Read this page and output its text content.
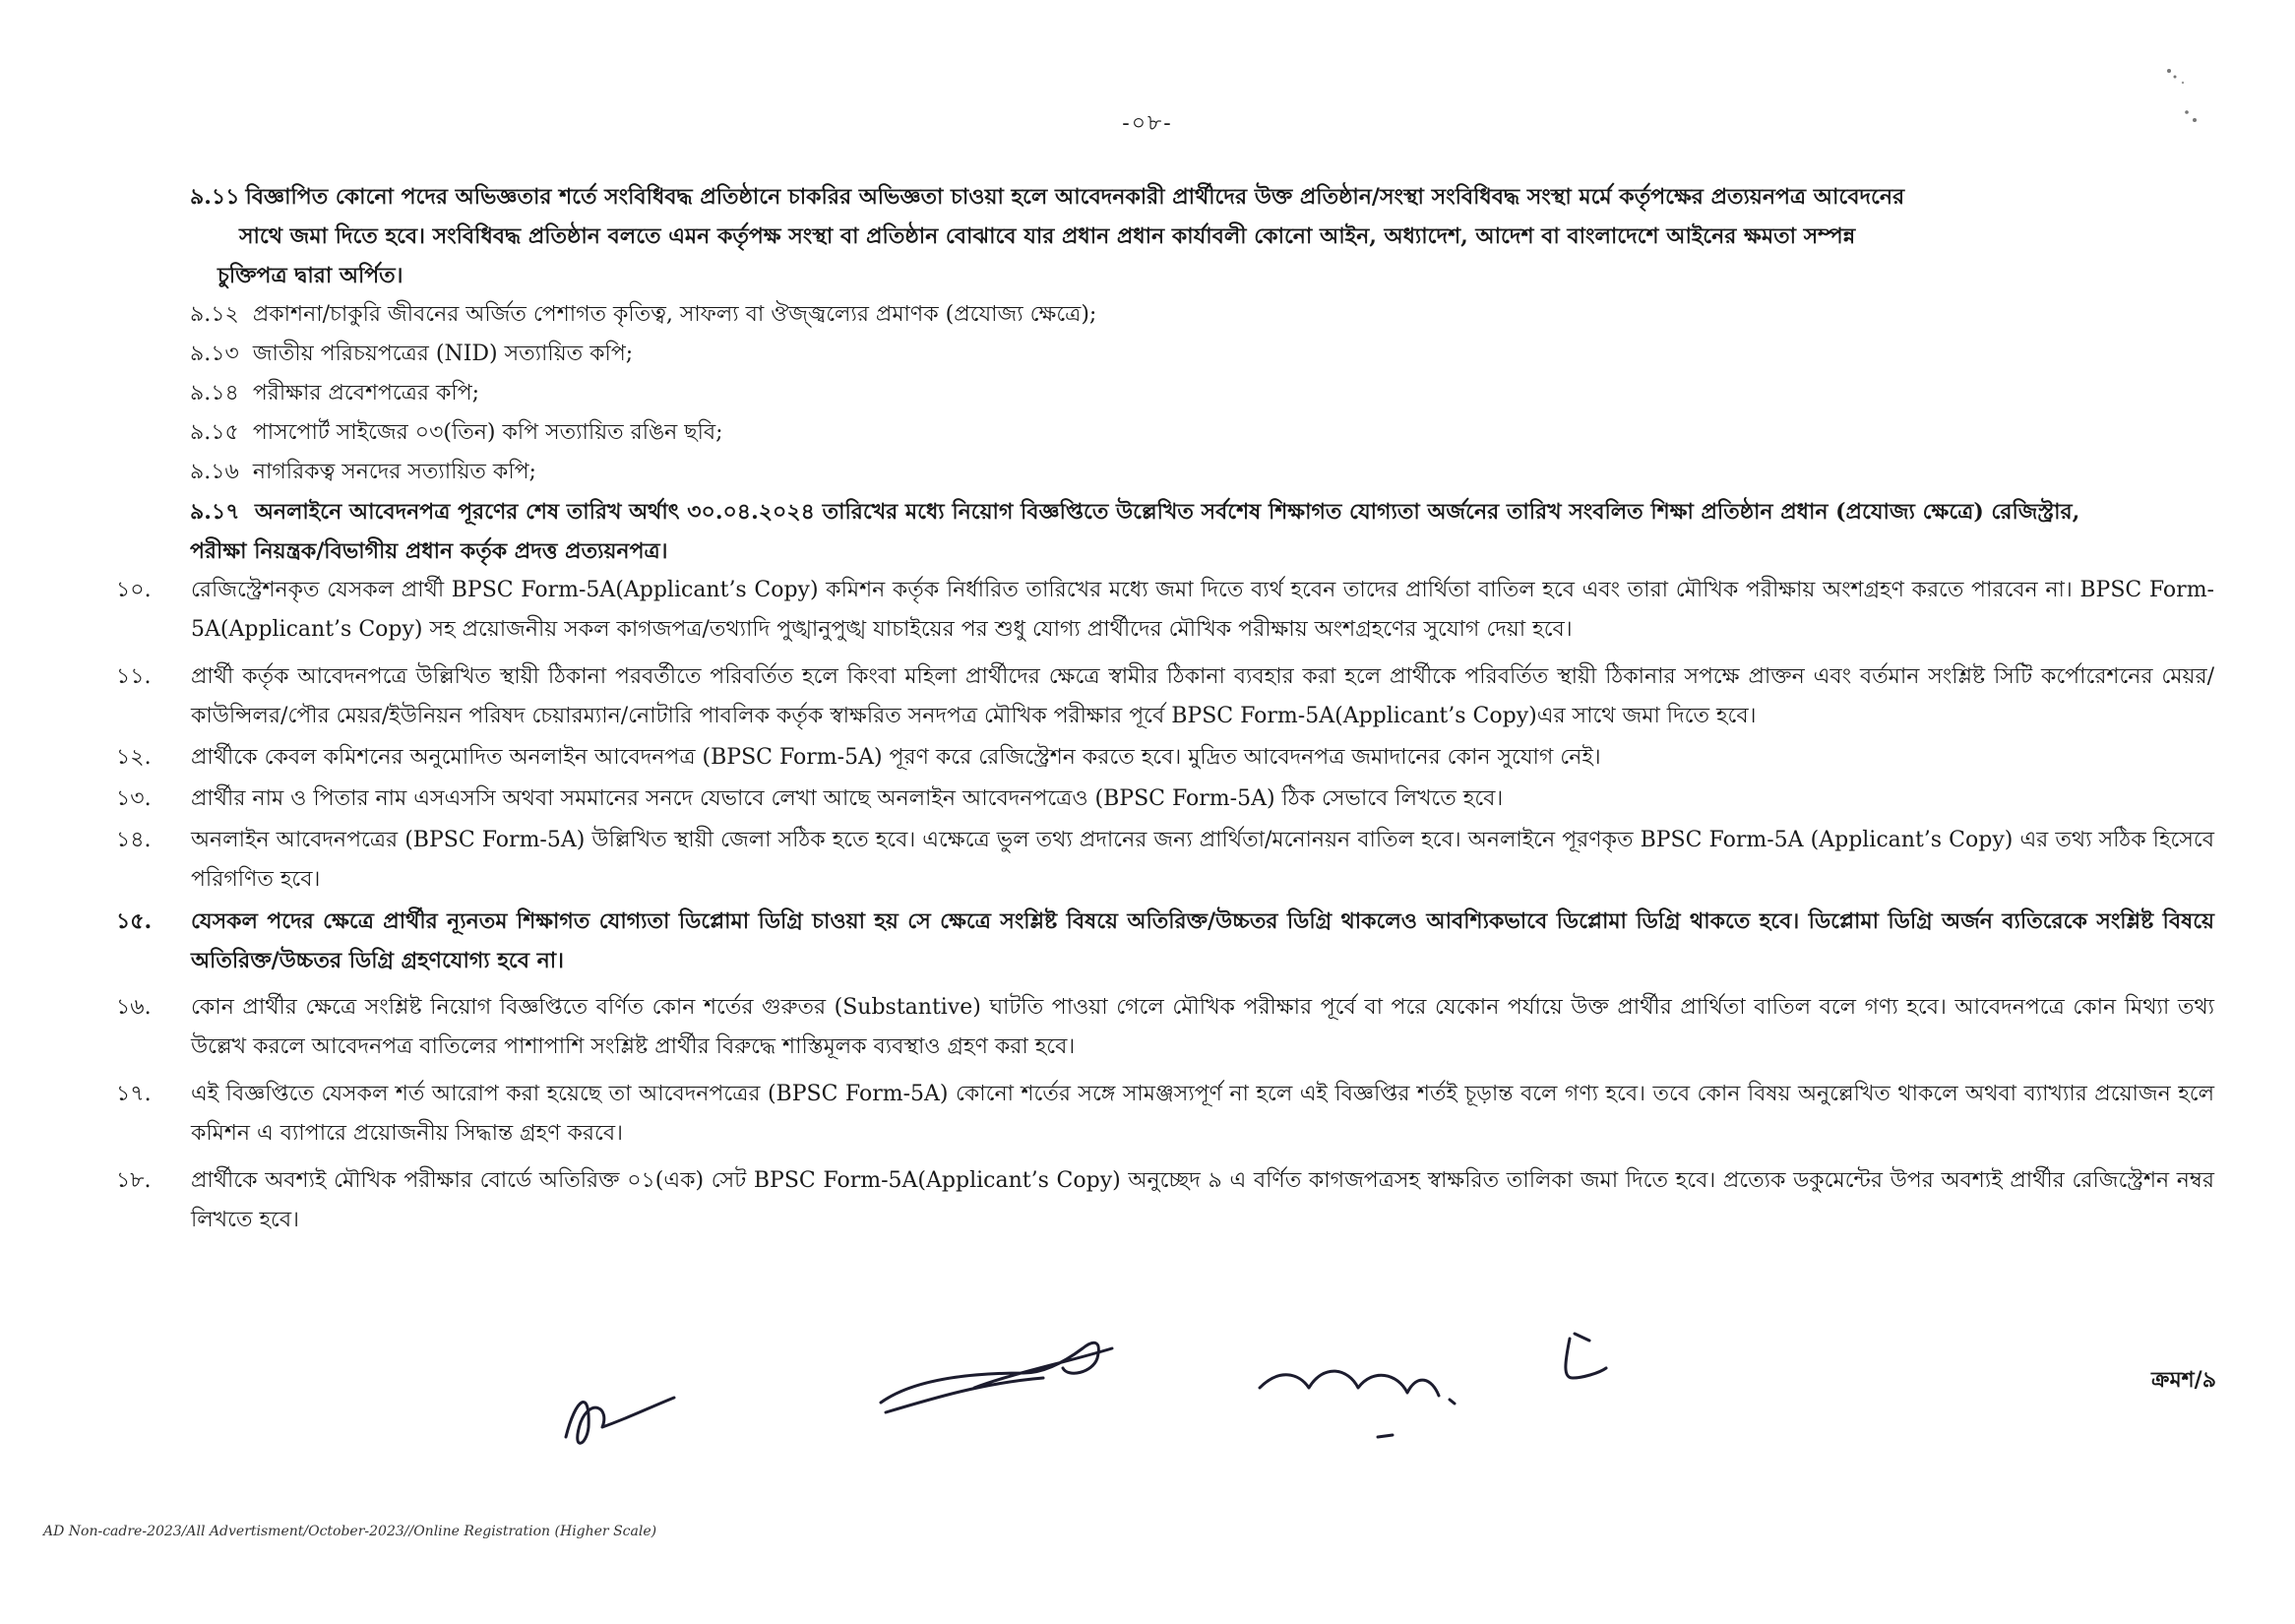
-০৮-
৯.১১ বিজ্ঞাপিত কোনো পদের অভিজ্ঞতার শর্তে সংবিধিবদ্ধ প্রতিষ্ঠানে চাকরির অভিজ্ঞতা চাওয়া হলে আবেদনকারী প্রার্থীদের উক্ত প্রতিষ্ঠান/সংস্থা সংবিধিবদ্ধ সংস্থা মর্মে কর্তৃপক্ষের প্রত্যয়নপত্র আবেদনের
সাথে জমা দিতে হবে। সংবিধিবদ্ধ প্রতিষ্ঠান বলতে এমন কর্তৃপক্ষ সংস্থা বা প্রতিষ্ঠান বোঝাবে যার প্রধান প্রধান কার্যাবলী কোনো আইন, অধ্যাদেশ, আদেশ বা বাংলাদেশে আইনের ক্ষমতা সম্পন্ন
চুক্তিপত্র দ্বারা অর্পিত।
৯.১২ প্রকাশনা/চাকুরি জীবনের অর্জিত পেশাগত কৃতিত্ব, সাফল্য বা ঔজ্জ্বল্যের প্রমাণক (প্রযোজ্য ক্ষেত্রে);
৯.১৩ জাতীয় পরিচয়পত্রের (NID) সত্যায়িত কপি;
৯.১৪ পরীক্ষার প্রবেশপত্রের কপি;
৯.১৫ পাসপোর্ট সাইজের ০৩(তিন) কপি সত্যায়িত রঙিন ছবি;
৯.১৬ নাগরিকত্ব সনদের সত্যায়িত কপি;
৯.১৭ অনলাইনে আবেদনপত্র পূরণের শেষ তারিখ অর্থাৎ ৩০.০৪.২০২৪ তারিখের মধ্যে নিয়োগ বিজ্ঞপ্তিতে উল্লেখিত সর্বশেষ শিক্ষাগত যোগ্যতা অর্জনের তারিখ সংবলিত শিক্ষা প্রতিষ্ঠান প্রধান (প্রযোজ্য ক্ষেত্রে) রেজিস্ট্রার,
পরীক্ষা নিয়ন্ত্রক/বিভাগীয় প্রধান কর্তৃক প্রদত্ত প্রত্যয়নপত্র।
১০.	রেজিস্ট্রেশনকৃত যেসকল প্রার্থী BPSC Form-5A(Applicant’s Copy) কমিশন কর্তৃক নির্ধারিত তারিখের মধ্যে জমা দিতে ব্যর্থ হবেন তাদের প্রার্থিতা বাতিল হবে এবং তারা মৌখিক পরীক্ষায় অংশগ্রহণ করতে পারবেন না। BPSC Form-5A(Applicant’s Copy) সহ প্রয়োজনীয় সকল কাগজপত্র/তথ্যাদি পুঙ্খানুপুঙ্খ যাচাইয়ের পর শুধু যোগ্য প্রার্থীদের মৌখিক পরীক্ষায় অংশগ্রহণের সুযোগ দেয়া হবে।
১১.	প্রার্থী কর্তৃক আবেদনপত্রে উল্লিখিত স্থায়ী ঠিকানা পরবর্তীতে পরিবর্তিত হলে কিংবা মহিলা প্রার্থীদের ক্ষেত্রে স্বামীর ঠিকানা ব্যবহার করা হলে প্রার্থীকে পরিবর্তিত স্থায়ী ঠিকানার সপক্ষে প্রাক্তন এবং বর্তমান সংশ্লিষ্ট সিটি কর্পোরেশনের মেয়র/কাউন্সিলর/পৌর মেয়র/ইউনিয়ন পরিষদ চেয়ারম্যান/নোটারি পাবলিক কর্তৃক স্বাক্ষরিত সনদপত্র মৌখিক পরীক্ষার পূর্বে BPSC Form-5A(Applicant’s Copy)এর সাথে জমা দিতে হবে।
১২.	প্রার্থীকে কেবল কমিশনের অনুমোদিত অনলাইন আবেদনপত্র (BPSC Form-5A) পূরণ করে রেজিস্ট্রেশন করতে হবে। মুদ্রিত আবেদনপত্র জমাদানের কোন সুযোগ নেই।
১৩.	প্রার্থীর নাম ও পিতার নাম এসএসসি অথবা সমমানের সনদে যেভাবে লেখা আছে অনলাইন আবেদনপত্রেও (BPSC Form-5A) ঠিক সেভাবে লিখতে হবে।
১৪.	অনলাইন আবেদনপত্রের (BPSC Form-5A) উল্লিখিত স্থায়ী জেলা সঠিক হতে হবে। এক্ষেত্রে ভুল তথ্য প্রদানের জন্য প্রার্থিতা/মনোনয়ন বাতিল হবে। অনলাইনে পূরণকৃত BPSC Form-5A (Applicant’s Copy) এর তথ্য সঠিক হিসেবে পরিগণিত হবে।
১৫.	যেসকল পদের ক্ষেত্রে প্রার্থীর ন্যূনতম শিক্ষাগত যোগ্যতা ডিপ্লোমা ডিগ্রি চাওয়া হয় সে ক্ষেত্রে সংশ্লিষ্ট বিষয়ে অতিরিক্ত/উচ্চতর ডিগ্রি থাকলেও আবশ্যিকভাবে ডিপ্লোমা ডিগ্রি থাকতে হবে। ডিপ্লোমা ডিগ্রি অর্জন ব্যতিরেকে সংশ্লিষ্ট বিষয়ে অতিরিক্ত/উচ্চতর ডিগ্রি গ্রহণযোগ্য হবে না।
১৬.	কোন প্রার্থীর ক্ষেত্রে সংশ্লিষ্ট নিয়োগ বিজ্ঞপ্তিতে বর্ণিত কোন শর্তের গুরুতর (Substantive) ঘাটতি পাওয়া গেলে মৌখিক পরীক্ষার পূর্বে বা পরে যেকোন পর্যায়ে উক্ত প্রার্থীর প্রার্থিতা বাতিল বলে গণ্য হবে। আবেদনপত্রে কোন মিথ্যা তথ্য উল্লেখ করলে আবেদনপত্র বাতিলের পাশাপাশি সংশ্লিষ্ট প্রার্থীর বিরুদ্ধে শাস্তিমূলক ব্যবস্থাও গ্রহণ করা হবে।
১৭.	এই বিজ্ঞপ্তিতে যেসকল শর্ত আরোপ করা হয়েছে তা আবেদনপত্রের (BPSC Form-5A) কোনো শর্তের সঙ্গে সামঞ্জস্যপূর্ণ না হলে এই বিজ্ঞপ্তির শর্তই চূড়ান্ত বলে গণ্য হবে। তবে কোন বিষয় অনুল্লেখিত থাকলে অথবা ব্যাখ্যার প্রয়োজন হলে কমিশন এ ব্যাপারে প্রয়োজনীয় সিদ্ধান্ত গ্রহণ করবে।
১৮.	প্রার্থীকে অবশ্যই মৌখিক পরীক্ষার বোর্ডে অতিরিক্ত ০১(এক) সেট BPSC Form-5A(Applicant’s Copy) অনুচ্ছেদ ৯ এ বর্ণিত কাগজপত্রসহ স্বাক্ষরিত তালিকা জমা দিতে হবে। প্রত্যেক ডকুমেন্টের উপর অবশ্যই প্রার্থীর রেজিস্ট্রেশন নম্বর লিখতে হবে।
ক্রমশ/৯
AD Non-cadre-2023/All Advertisment/October-2023//Online Registration (Higher Scale)
